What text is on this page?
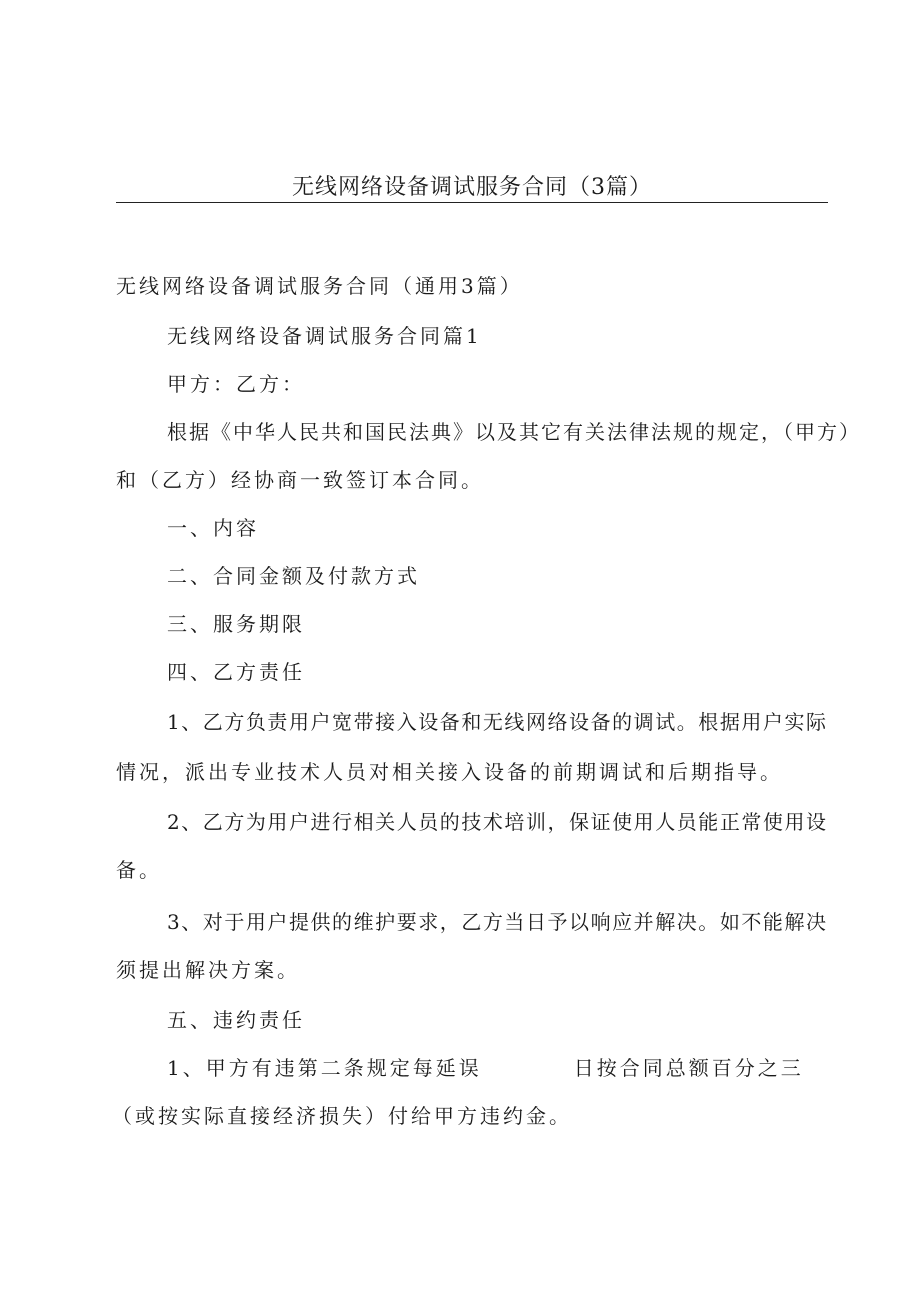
无线网络设备调试服务合同（3篇）
无线网络设备调试服务合同（通用3篇）
无线网络设备调试服务合同篇1
甲方：乙方：
根据《中华人民共和国民法典》以及其它有关法律法规的规定，（甲方）
和（乙方）经协商一致签订本合同。
一、内容
二、合同金额及付款方式
三、服务期限
四、乙方责任
1、乙方负责用户宽带接入设备和无线网络设备的调试。根据用户实际
情况，派出专业技术人员对相关接入设备的前期调试和后期指导。
2、乙方为用户进行相关人员的技术培训，保证使用人员能正常使用设
备。
3、对于用户提供的维护要求，乙方当日予以响应并解决。如不能解决
须提出解决方案。
五、违约责任
1、甲方有违第二条规定每延误	日按合同总额百分之三
（或按实际直接经济损失）付给甲方违约金。
